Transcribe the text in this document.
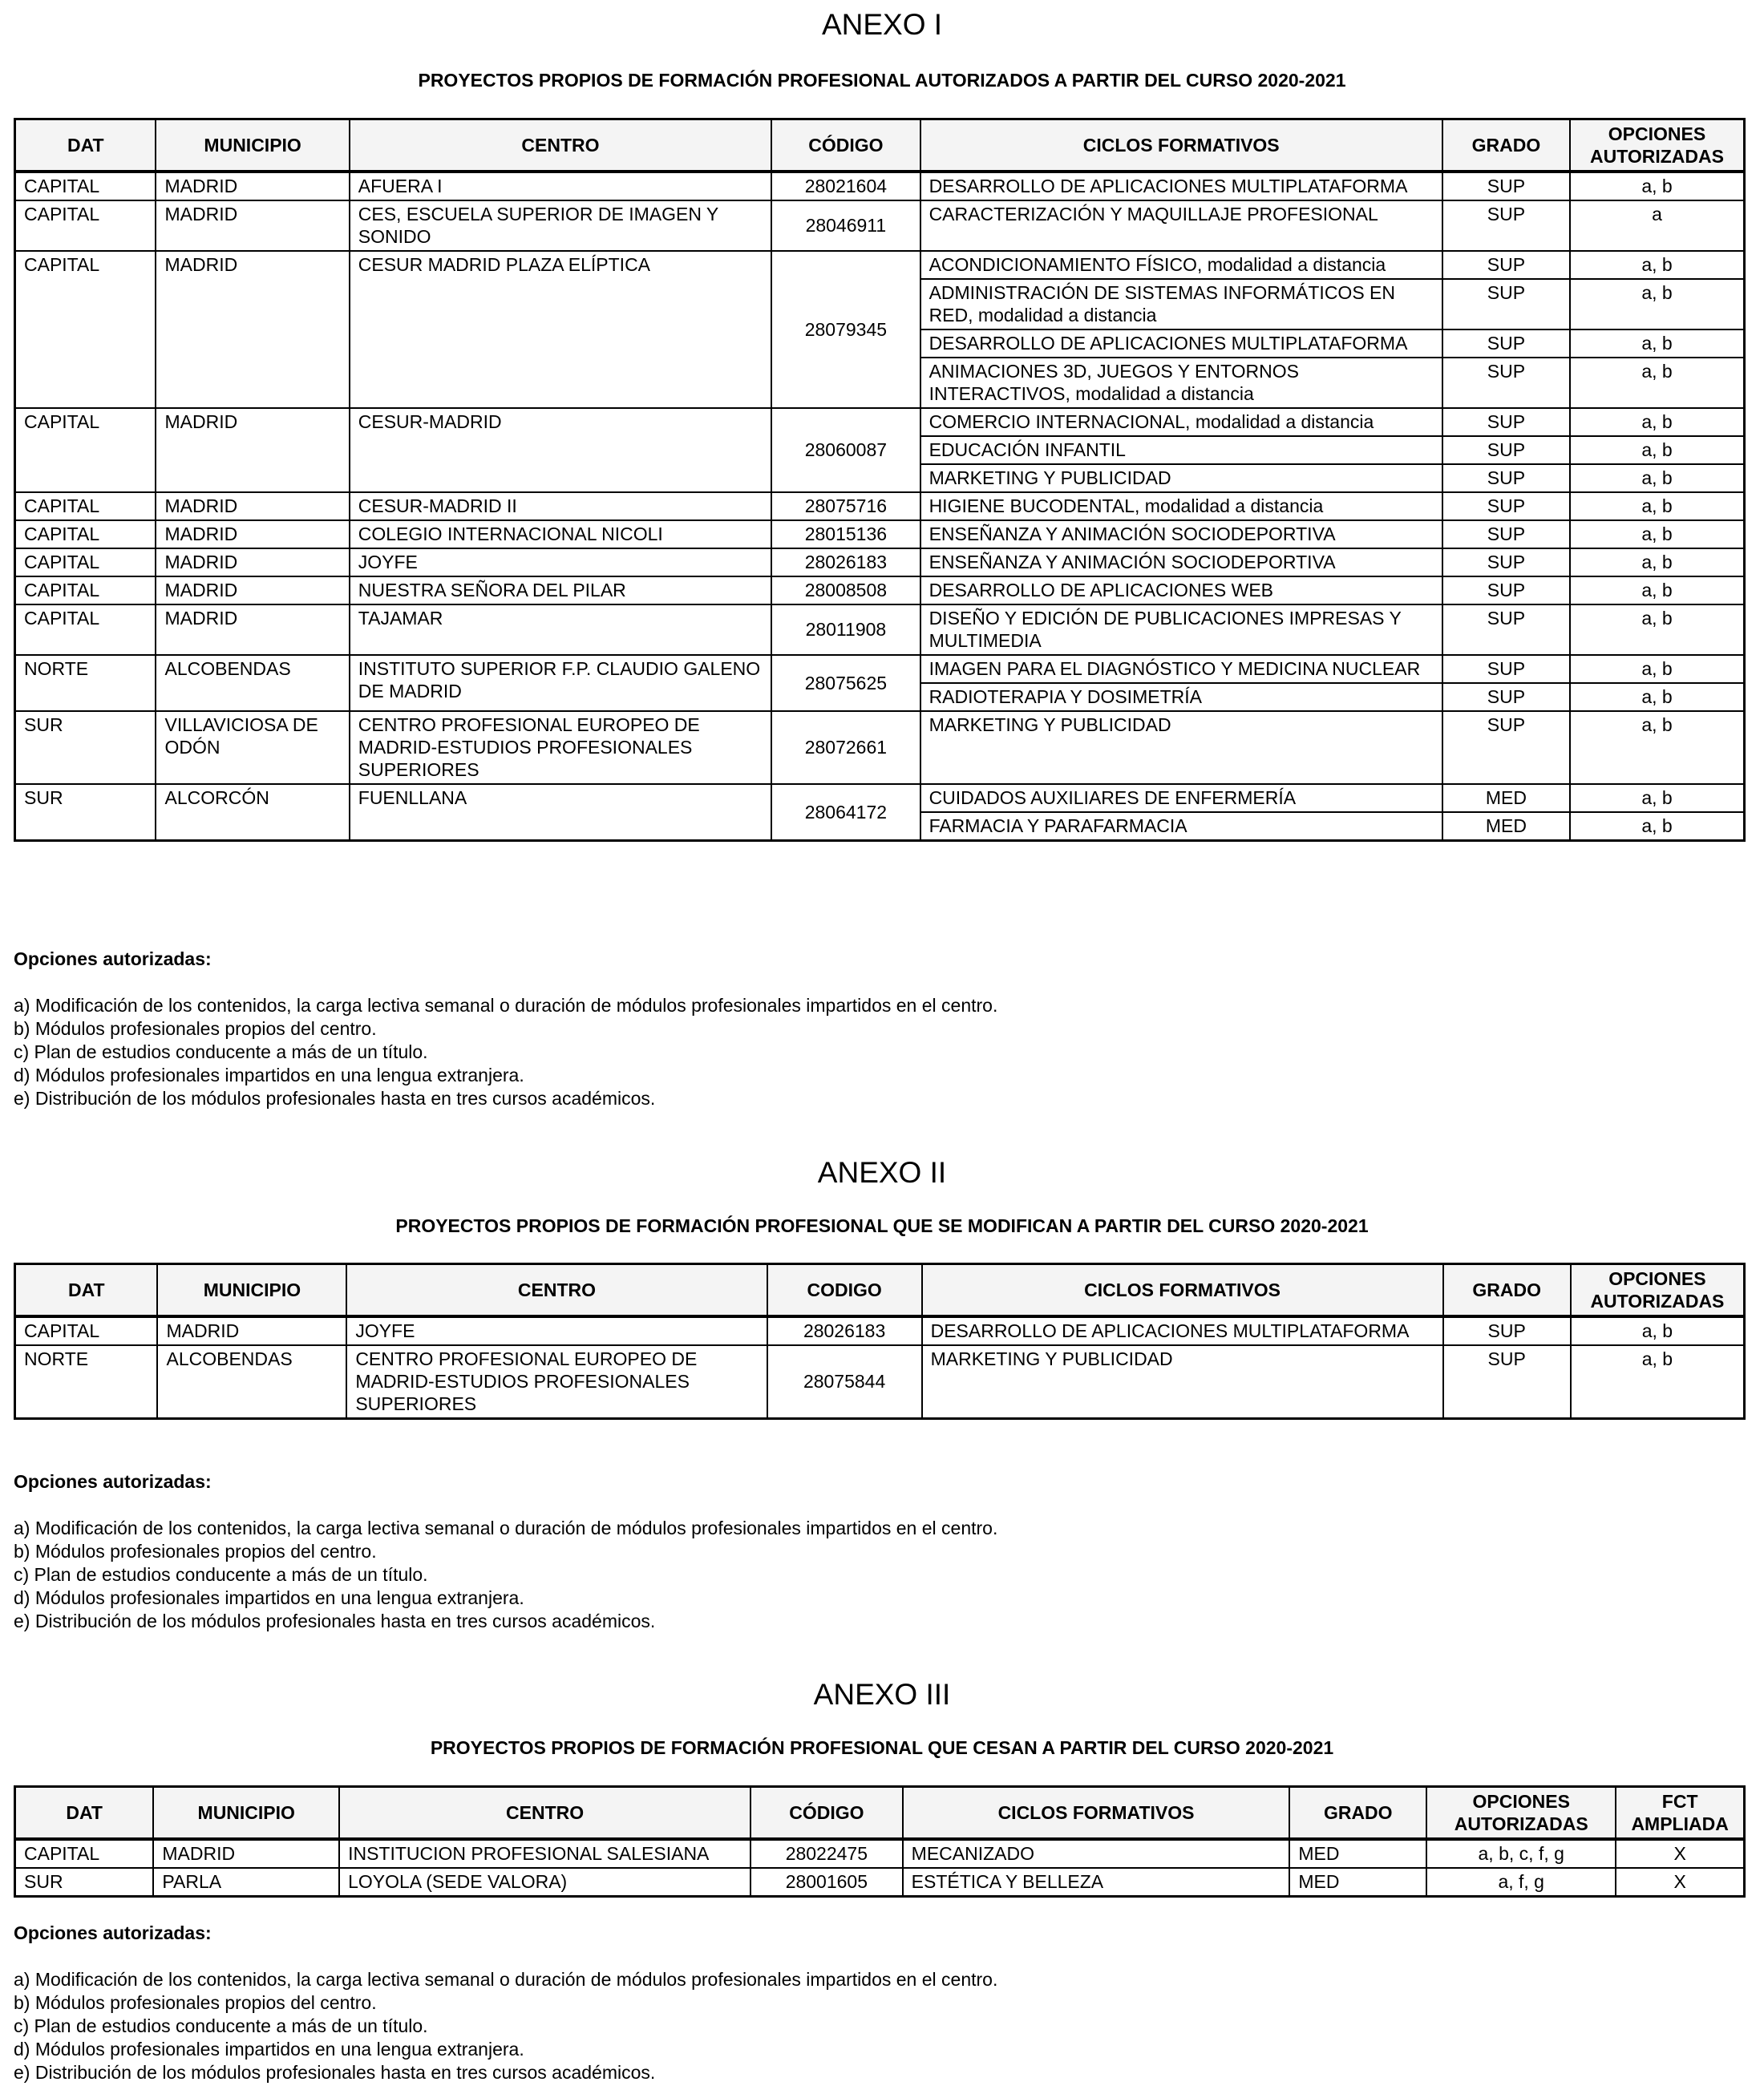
ANEXO I
PROYECTOS PROPIOS DE FORMACIÓN PROFESIONAL AUTORIZADOS A PARTIR DEL CURSO 2020-2021
DAT	MUNICIPIO	CENTRO	CÓDIGO	CICLOS FORMATIVOS	GRADO	OPCIONES AUTORIZADAS
CAPITAL	MADRID	AFUERA I	28021604	DESARROLLO DE APLICACIONES MULTIPLATAFORMA	SUP	a, b
CAPITAL	MADRID	CES, ESCUELA SUPERIOR DE IMAGEN Y SONIDO	28046911	CARACTERIZACIÓN Y MAQUILLAJE PROFESIONAL	SUP	a
CAPITAL	MADRID	CESUR MADRID PLAZA ELÍPTICA	28079345	ACONDICIONAMIENTO FÍSICO, modalidad a distancia	SUP	a, b
				ADMINISTRACIÓN DE SISTEMAS INFORMÁTICOS EN RED, modalidad a distancia	SUP	a, b
				DESARROLLO DE APLICACIONES MULTIPLATAFORMA	SUP	a, b
				ANIMACIONES 3D, JUEGOS Y ENTORNOS INTERACTIVOS, modalidad a distancia	SUP	a, b
CAPITAL	MADRID	CESUR-MADRID	28060087	COMERCIO INTERNACIONAL, modalidad a distancia	SUP	a, b
				EDUCACIÓN INFANTIL	SUP	a, b
				MARKETING Y PUBLICIDAD	SUP	a, b
CAPITAL	MADRID	CESUR-MADRID II	28075716	HIGIENE BUCODENTAL, modalidad a distancia	SUP	a, b
CAPITAL	MADRID	COLEGIO INTERNACIONAL NICOLI	28015136	ENSEÑANZA Y ANIMACIÓN SOCIODEPORTIVA	SUP	a, b
CAPITAL	MADRID	JOYFE	28026183	ENSEÑANZA Y ANIMACIÓN SOCIODEPORTIVA	SUP	a, b
CAPITAL	MADRID	NUESTRA SEÑORA DEL PILAR	28008508	DESARROLLO DE APLICACIONES WEB	SUP	a, b
CAPITAL	MADRID	TAJAMAR	28011908	DISEÑO Y EDICIÓN DE PUBLICACIONES IMPRESAS Y MULTIMEDIA	SUP	a, b
NORTE	ALCOBENDAS	INSTITUTO SUPERIOR F.P. CLAUDIO GALENO DE MADRID	28075625	IMAGEN PARA EL DIAGNÓSTICO Y MEDICINA NUCLEAR	SUP	a, b
				RADIOTERAPIA Y DOSIMETRÍA	SUP	a, b
SUR	VILLAVICIOSA DE ODÓN	CENTRO PROFESIONAL EUROPEO DE MADRID-ESTUDIOS PROFESIONALES SUPERIORES	28072661	MARKETING Y PUBLICIDAD	SUP	a, b
SUR	ALCORCÓN	FUENLLANA	28064172	CUIDADOS AUXILIARES DE ENFERMERÍA	MED	a, b
				FARMACIA Y PARAFARMACIA	MED	a, b
Opciones autorizadas:
a) Modificación de los contenidos, la carga lectiva semanal o duración de módulos profesionales impartidos en el centro.
b) Módulos profesionales propios del centro.
c) Plan de estudios conducente a más de un título.
d) Módulos profesionales impartidos en una lengua extranjera.
e) Distribución de los módulos profesionales hasta en tres cursos académicos.
ANEXO II
PROYECTOS PROPIOS DE FORMACIÓN PROFESIONAL QUE SE MODIFICAN A PARTIR DEL CURSO 2020-2021
DAT	MUNICIPIO	CENTRO	CODIGO	CICLOS FORMATIVOS	GRADO	OPCIONES AUTORIZADAS
CAPITAL	MADRID	JOYFE	28026183	DESARROLLO DE APLICACIONES MULTIPLATAFORMA	SUP	a, b
NORTE	ALCOBENDAS	CENTRO PROFESIONAL EUROPEO DE MADRID-ESTUDIOS PROFESIONALES SUPERIORES	28075844	MARKETING Y PUBLICIDAD	SUP	a, b
Opciones autorizadas:
a) Modificación de los contenidos, la carga lectiva semanal o duración de módulos profesionales impartidos en el centro.
b) Módulos profesionales propios del centro.
c) Plan de estudios conducente a más de un título.
d) Módulos profesionales impartidos en una lengua extranjera.
e) Distribución de los módulos profesionales hasta en tres cursos académicos.
ANEXO III
PROYECTOS PROPIOS DE FORMACIÓN PROFESIONAL QUE CESAN A PARTIR DEL CURSO 2020-2021
DAT	MUNICIPIO	CENTRO	CÓDIGO	CICLOS FORMATIVOS	GRADO	OPCIONES AUTORIZADAS	FCT AMPLIADA
CAPITAL	MADRID	INSTITUCION PROFESIONAL SALESIANA	28022475	MECANIZADO	MED	a, b, c, f, g	X
SUR	PARLA	LOYOLA (SEDE VALORA)	28001605	ESTÉTICA Y BELLEZA	MED	a, f, g	X
Opciones autorizadas:
a) Modificación de los contenidos, la carga lectiva semanal o duración de módulos profesionales impartidos en el centro.
b) Módulos profesionales propios del centro.
c) Plan de estudios conducente a más de un título.
d) Módulos profesionales impartidos en una lengua extranjera.
e) Distribución de los módulos profesionales hasta en tres cursos académicos.
